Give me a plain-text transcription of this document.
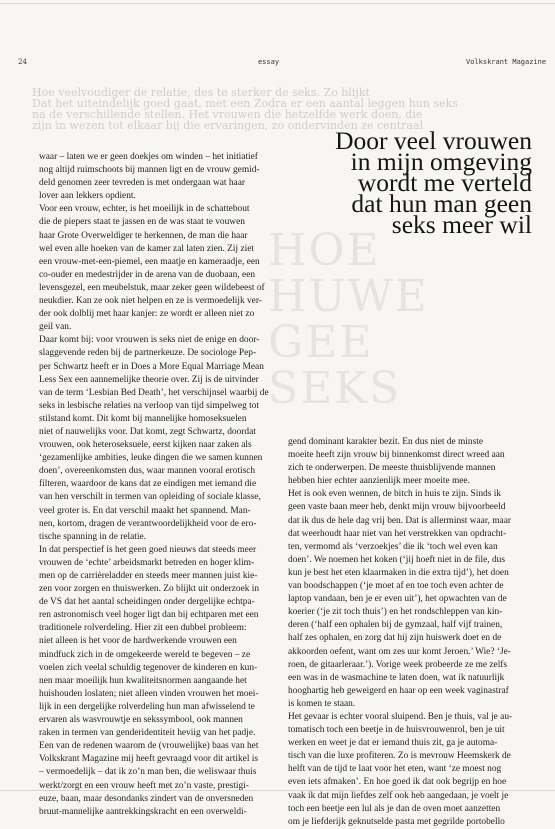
24	essay	Volkskrant Magazine
Hoe veelvoudiger de relatie, des te sterker de seks. Zo blijkt
Dat het uiteindelijk goed gaat, met een Zodra er een aantal leggen hun seks
na de verschillende stellen. Het vrouwen die hetzelfde werk doen, die
zijn in wezen tot elkaar bij die ervaringen, zo ondervinden ze centraal
HOE
HUWE
GEE
SEKS
Door veel vrouwen
in mijn omgeving
wordt me verteld
dat hun man geen
seks meer wil

waar – laten we er geen doekjes om winden – het initiatief

nog altijd ruimschoots bij mannen ligt en de vrouw gemid-

deld genomen zeer tevreden is met ondergaan wat haar

lover aan lekkers opdient.

Voor een vrouw, echter, is het moeilijk in de schattebout

die de piepers staat te jassen en de was staat te vouwen

haar Grote Overweldiger te herkennen, de man die haar

wel even alle hoeken van de kamer zal laten zien. Zij ziet

een vrouw-met-een-piemel, een maatje en kameraadje, een

co-ouder en medestrijder in de arena van de duobaan, een

levensgezel, een meubelstuk, maar zeker geen wildebeest of

neukdier. Kan ze ook niet helpen en ze is vermoedelijk ver-

der ook dolblij met haar kanjer: ze wordt er alleen niet zo

geil van.

Daar komt bij: voor vrouwen is seks niet de enige en door-

slaggevende reden bij de partnerkeuze. De sociologe Pep-

per Schwartz heeft er in Does a More Equal Marriage Mean

Less Sex een aannemelijke theorie over. Zij is de uitvinder

van de term ‘Lesbian Bed Death’, het verschijnsel waarbij de

seks in lesbische relaties na verloop van tijd simpelweg tot

stilstand komt. Dit komt bij mannelijke homoseksuelen

niet of nauwelijks voor. Dat komt, zegt Schwartz, doordat

vrouwen, ook heteroseksuele, eerst kijken naar zaken als

‘gezamenlijke ambities, leuke dingen die we samen kunnen

doen’, overeenkomsten dus, waar mannen vooral erotisch

filteren, waardoor de kans dat ze eindigen met iemand die

van hen verschilt in termen van opleiding of sociale klasse,

veel groter is. En dat verschil maakt het spannend. Man-

nen, kortom, dragen de verantwoordelijkheid voor de ero-

tische spanning in de relatie.

In dat perspectief is het geen goed nieuws dat steeds meer

vrouwen de ‘echte’ arbeidsmarkt betreden en hoger klim-

men op de carrièreladder en steeds meer mannen juist kie-

zen voor zorgen en thuiswerken. Zo blijkt uit onderzoek in

de VS dat het aantal scheidingen onder dergelijke echtpa-

ren astronomisch veel hoger ligt dan bij echtparen met een

traditionele rolverdeling. Hier zit een dubbel probleem:

niet alleen is het voor de hardwerkende vrouwen een

mindfuck zich in de omgekeerde wereld te begeven – ze

voelen zich veelal schuldig tegenover de kinderen en kun-

nen maar moeilijk hun kwaliteitsnormen aangaande het

huishouden loslaten; niet alleen vinden vrouwen het moei-

lijk in een dergelijke rolverdeling hun man afwisselend te

ervaren als wasvrouwtje en sekssymbool, ook mannen

raken in termen van genderidentiteit heviig van het padje.

Een van de redenen waarom de (vrouwelijke) baas van het

Volkskrant Magazine mij heeft gevraagd voor dit artikel is

– vermoedelijk – dat ik zo’n man ben, die weliswaar thuis

werkt/zorgt en een vrouw heeft met zo’n vaste, prestigi-

euze, baan, maar desondanks zindert van de onversneden

bruut-mannelijke aantrekkingskracht en een overweldi-

gend dominant karakter bezit. En dus niet de minste

moeite heeft zijn vrouw bij binnenkomst direct wreed aan

zich te onderwerpen. De meeste thuisblijvende mannen

hebben hier echter aanzienlijk meer moeite mee.

Het is ook even wennen, de bitch in huis te zijn. Sinds ik

geen vaste baan meer heb, denkt mijn vrouw bijvoorbeeld

dat ik dus de hele dag vrij ben. Dat is allerminst waar, maar

dat weerhoudt haar niet van het verstrekken van opdracht-

ten, vermomd als ‘verzoekjes’ die ik ‘toch wel even kan

doen’. We noemen het koken (‘jij hoeft niet in de file, dus

kun je best het eten klaarmaken in die extra tijd’), het doen

van boodschappen (‘je moet af en toe toch even achter de

laptop vandaan, ben je er even uit’), het opwachten van de

koerier (‘je zit toch thuis’) en het rondschleppen van kin-

deren (‘half een ophalen bij de gymzaal, half vijf trainen,

half zes ophalen, en zorg dat hij zijn huiswerk doet en de

akkoorden oefent, want om zes uur komt Jeroen.’ Wie? ‘Je-

roen, de gitaarleraar.’). Vorige week probeerde ze me zelfs

een was in de wasmachine te laten doen, wat ik natuurlijk

hooghartig heb geweigerd en haar op een week vaginastraf

is komen te staan.

Het gevaar is echter vooral sluipend. Ben je thuis, val je au-

tomatisch toch een beetje in de huisvrouwenrol, ben je uit

werken en weet je dat er iemand thuis zit, ga je automa-

tisch van die luxe profiteren. Zo is mevrouw Heemskerk de

helft van de tijd te laat voor het eten, want ‘ze moest nog

even iets afmaken’. En hoe goed ik dat ook begrijp en hoe

vaak ik dat mijn liefdes zelf ook heb aangedaan, je voelt je

toch een beetje een lul als je dan de oven moet aanzetten

om je liefderijk geknutselde pasta met gegrilde portobello
